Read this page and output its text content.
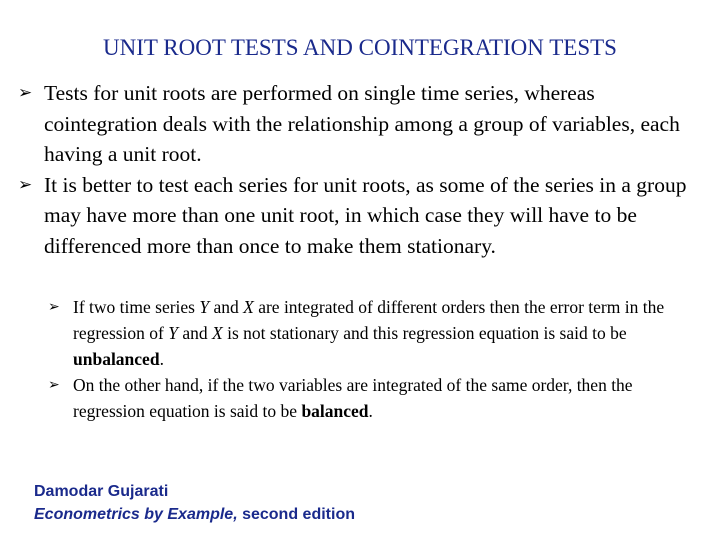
UNIT ROOT TESTS AND COINTEGRATION TESTS
➢ Tests for unit roots are performed on single time series, whereas cointegration deals with the relationship among a group of variables, each having a unit root.
➢ It is better to test each series for unit roots, as some of the series in a group may have more than one unit root, in which case they will have to be differenced more than once to make them stationary.
➢ If two time series Y and X are integrated of different orders then the error term in the regression of Y and X is not stationary and this regression equation is said to be unbalanced.
➢ On the other hand, if the two variables are integrated of the same order, then the regression equation is said to be balanced.
Damodar Gujarati
Econometrics by Example, second edition
